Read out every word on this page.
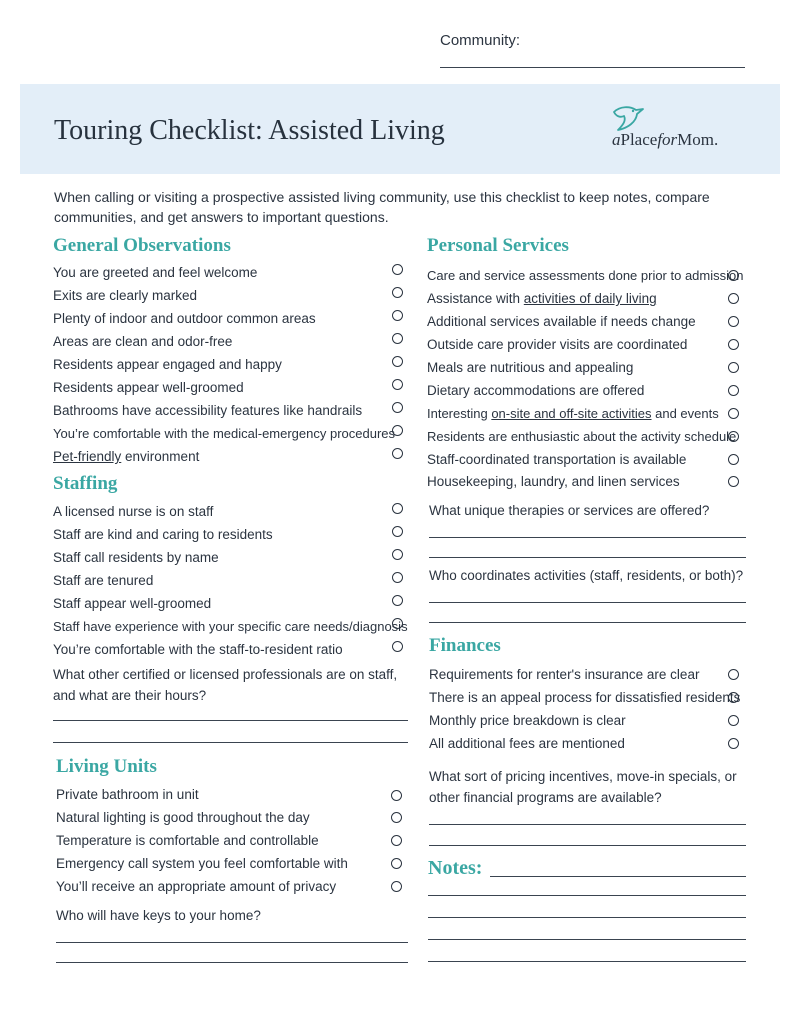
Community:
Touring Checklist: Assisted Living	aPlaceforMom.
When calling or visiting a prospective assisted living community, use this checklist to keep notes, compare communities, and get answers to important questions.
General Observations
You are greeted and feel welcome
Exits are clearly marked
Plenty of indoor and outdoor common areas
Areas are clean and odor-free
Residents appear engaged and happy
Residents appear well-groomed
Bathrooms have accessibility features like handrails
You’re comfortable with the medical-emergency procedures
Pet-friendly environment
Staffing
A licensed nurse is on staff
Staff are kind and caring to residents
Staff call residents by name
Staff are tenured
Staff appear well-groomed
Staff have experience with your specific care needs/diagnosis
You’re comfortable with the staff-to-resident ratio
What other certified or licensed professionals are on staff, and what are their hours?
Living Units
Private bathroom in unit
Natural lighting is good throughout the day
Temperature is comfortable and controllable
Emergency call system you feel comfortable with
You’ll receive an appropriate amount of privacy
Who will have keys to your home?
Personal Services
Care and service assessments done prior to admission
Assistance with activities of daily living
Additional services available if needs change
Outside care provider visits are coordinated
Meals are nutritious and appealing
Dietary accommodations are offered
Interesting on-site and off-site activities and events
Residents are enthusiastic about the activity schedule
Staff-coordinated transportation is available
Housekeeping, laundry, and linen services
What unique therapies or services are offered?
Who coordinates activities (staff, residents, or both)?
Finances
Requirements for renter's insurance are clear
There is an appeal process for dissatisfied residents
Monthly price breakdown is clear
All additional fees are mentioned
What sort of pricing incentives, move-in specials, or other financial programs are available?
Notes:
